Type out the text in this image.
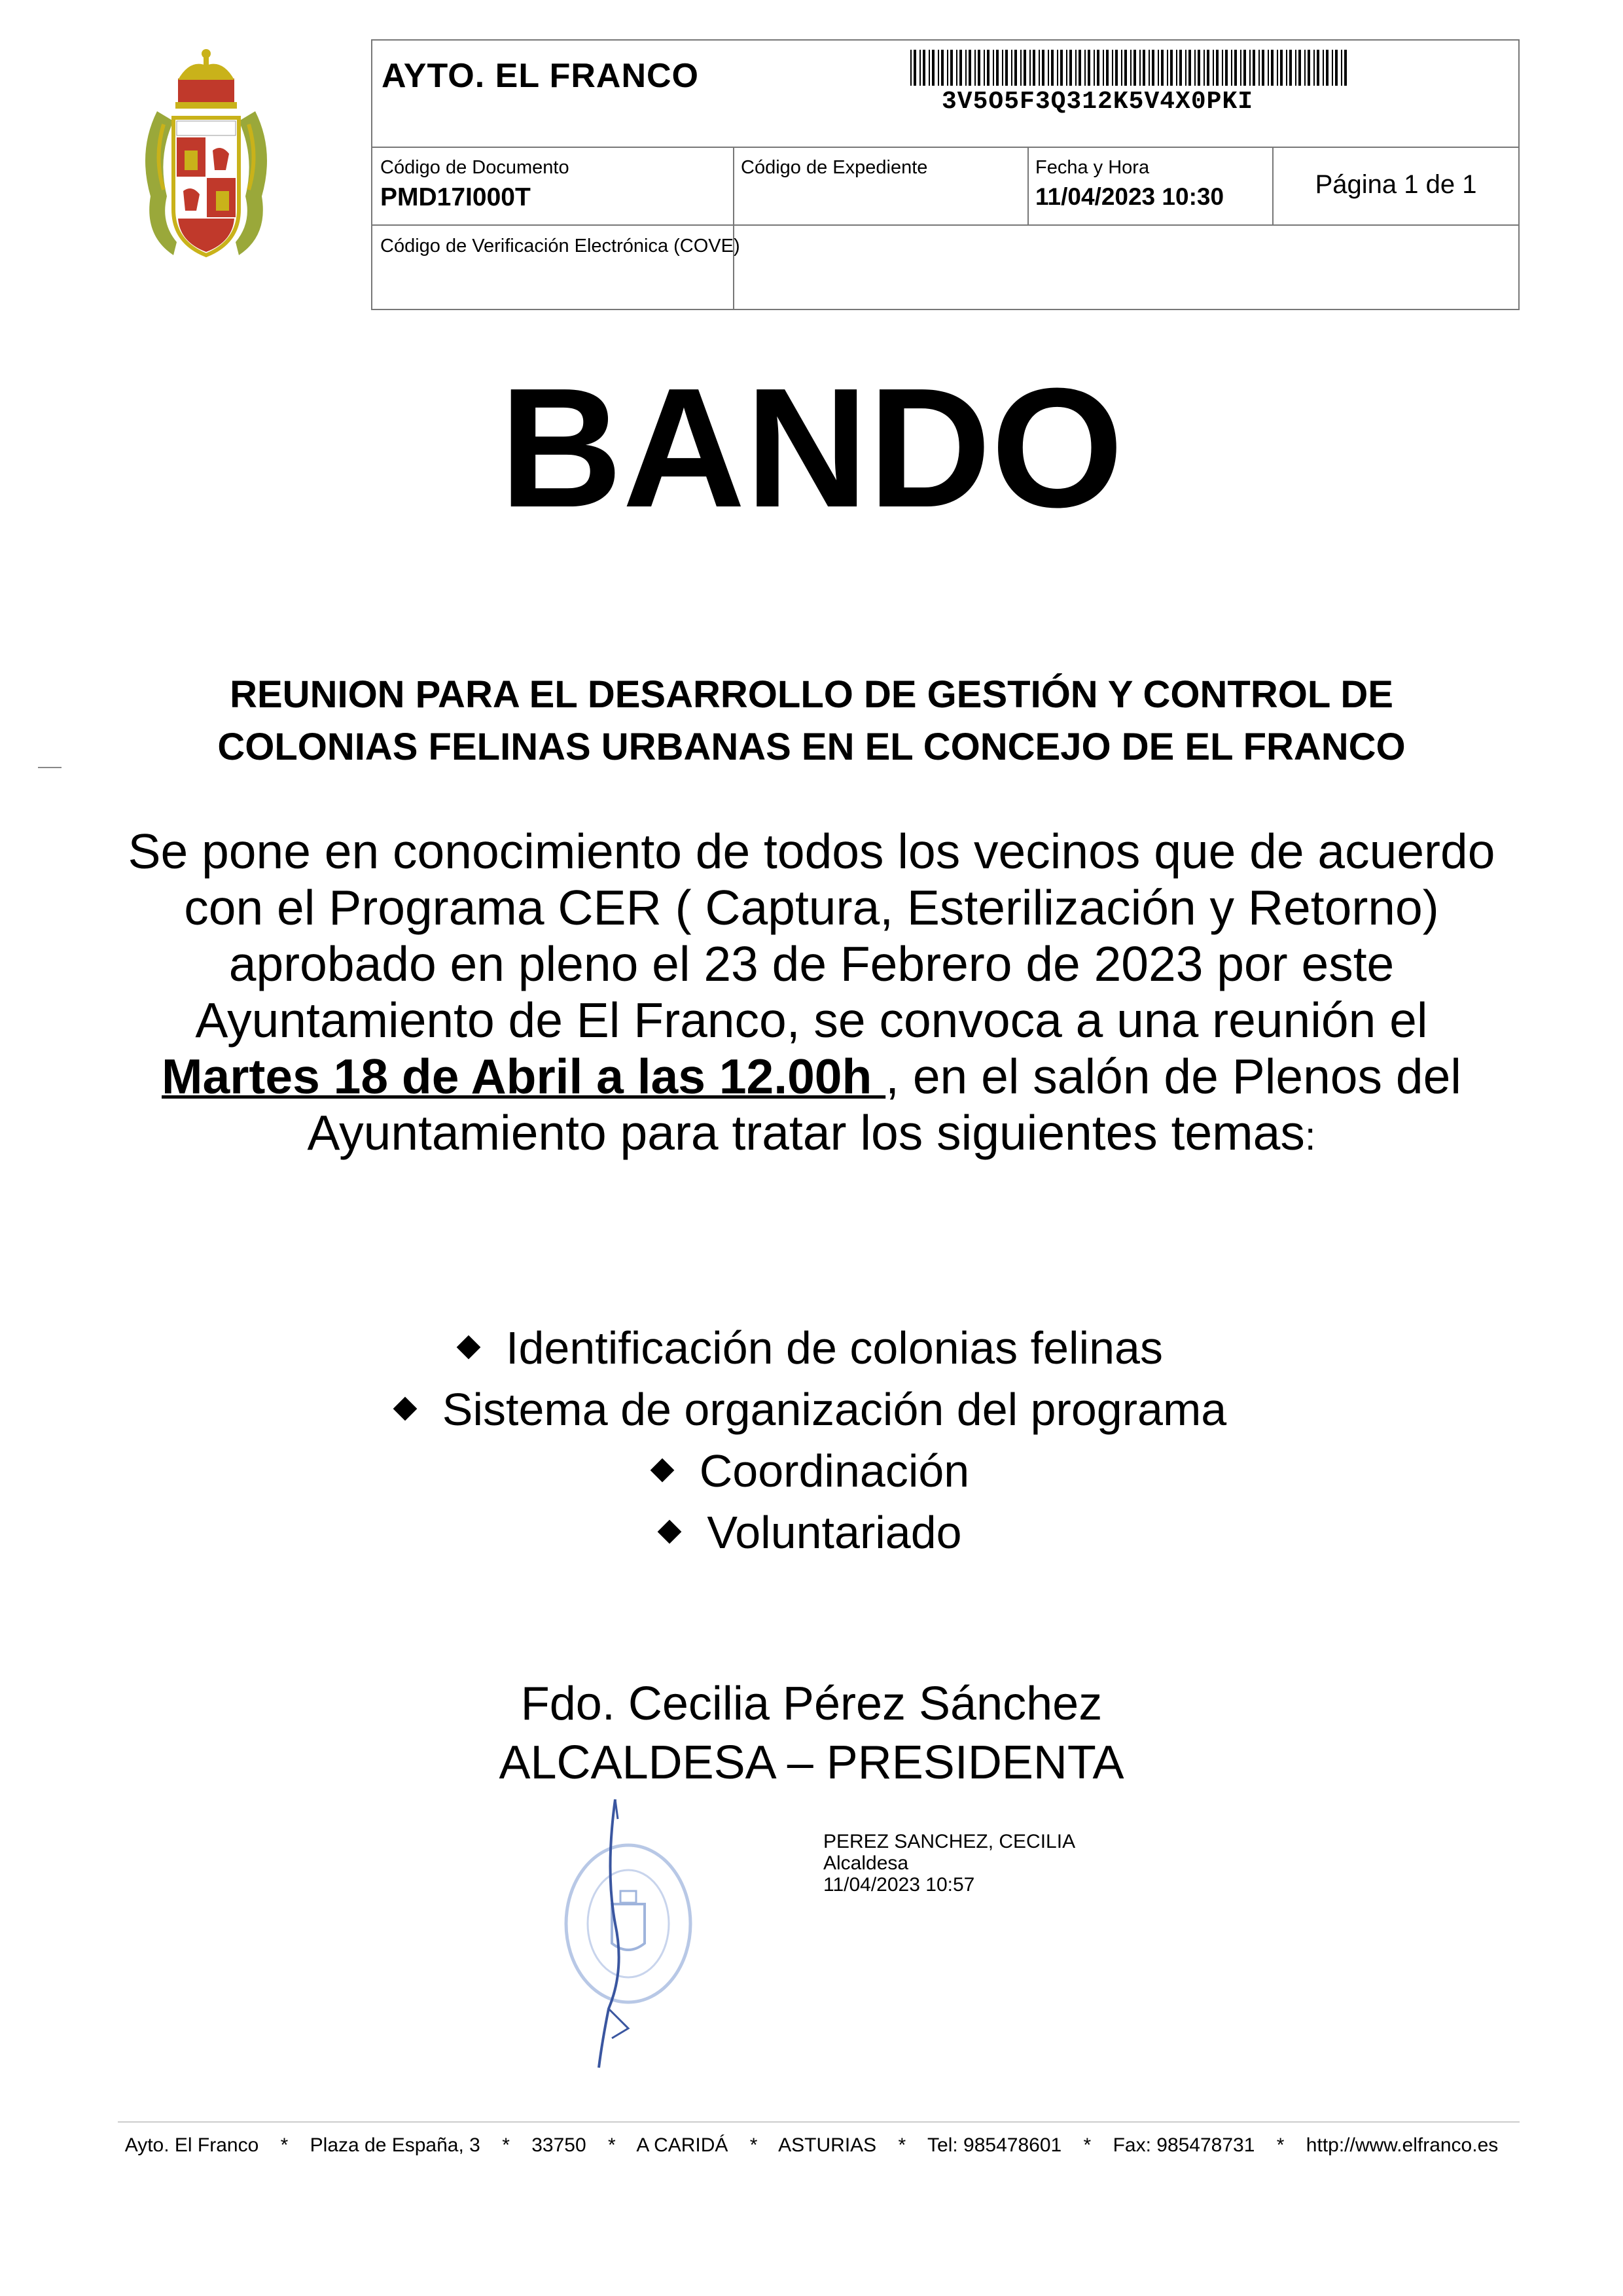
AYTO. EL FRANCO
Código de Documento
PMD17I000T
Código de Expediente	Fecha y Hora
11/04/2023 10:30	Página 1 de 1
Código de Verificación Electrónica (COVE)
3V5O5F3Q312K5V4X0PKI
BANDO
REUNION PARA EL DESARROLLO DE GESTIÓN Y CONTROL DE
COLONIAS FELINAS URBANAS EN EL CONCEJO DE EL FRANCO
Se pone en conocimiento de todos los vecinos que de acuerdo con el Programa CER ( Captura, Esterilización y Retorno) aprobado en pleno el 23 de Febrero de 2023 por este Ayuntamiento de El Franco, se convoca a una reunión el Martes 18 de Abril a las 12.00h , en el salón de Plenos del Ayuntamiento para tratar los siguientes temas:
Identificación de colonias felinas
Sistema de organización del programa
Coordinación
Voluntariado
Fdo. Cecilia Pérez Sánchez
ALCALDESA – PRESIDENTA
PEREZ SANCHEZ, CECILIA
Alcaldesa
11/04/2023 10:57
Ayto. El Franco * Plaza de España, 3 * 33750 * A CARIDÁ * ASTURIAS * Tel: 985478601 * Fax: 985478731 * http://www.elfranco.es
